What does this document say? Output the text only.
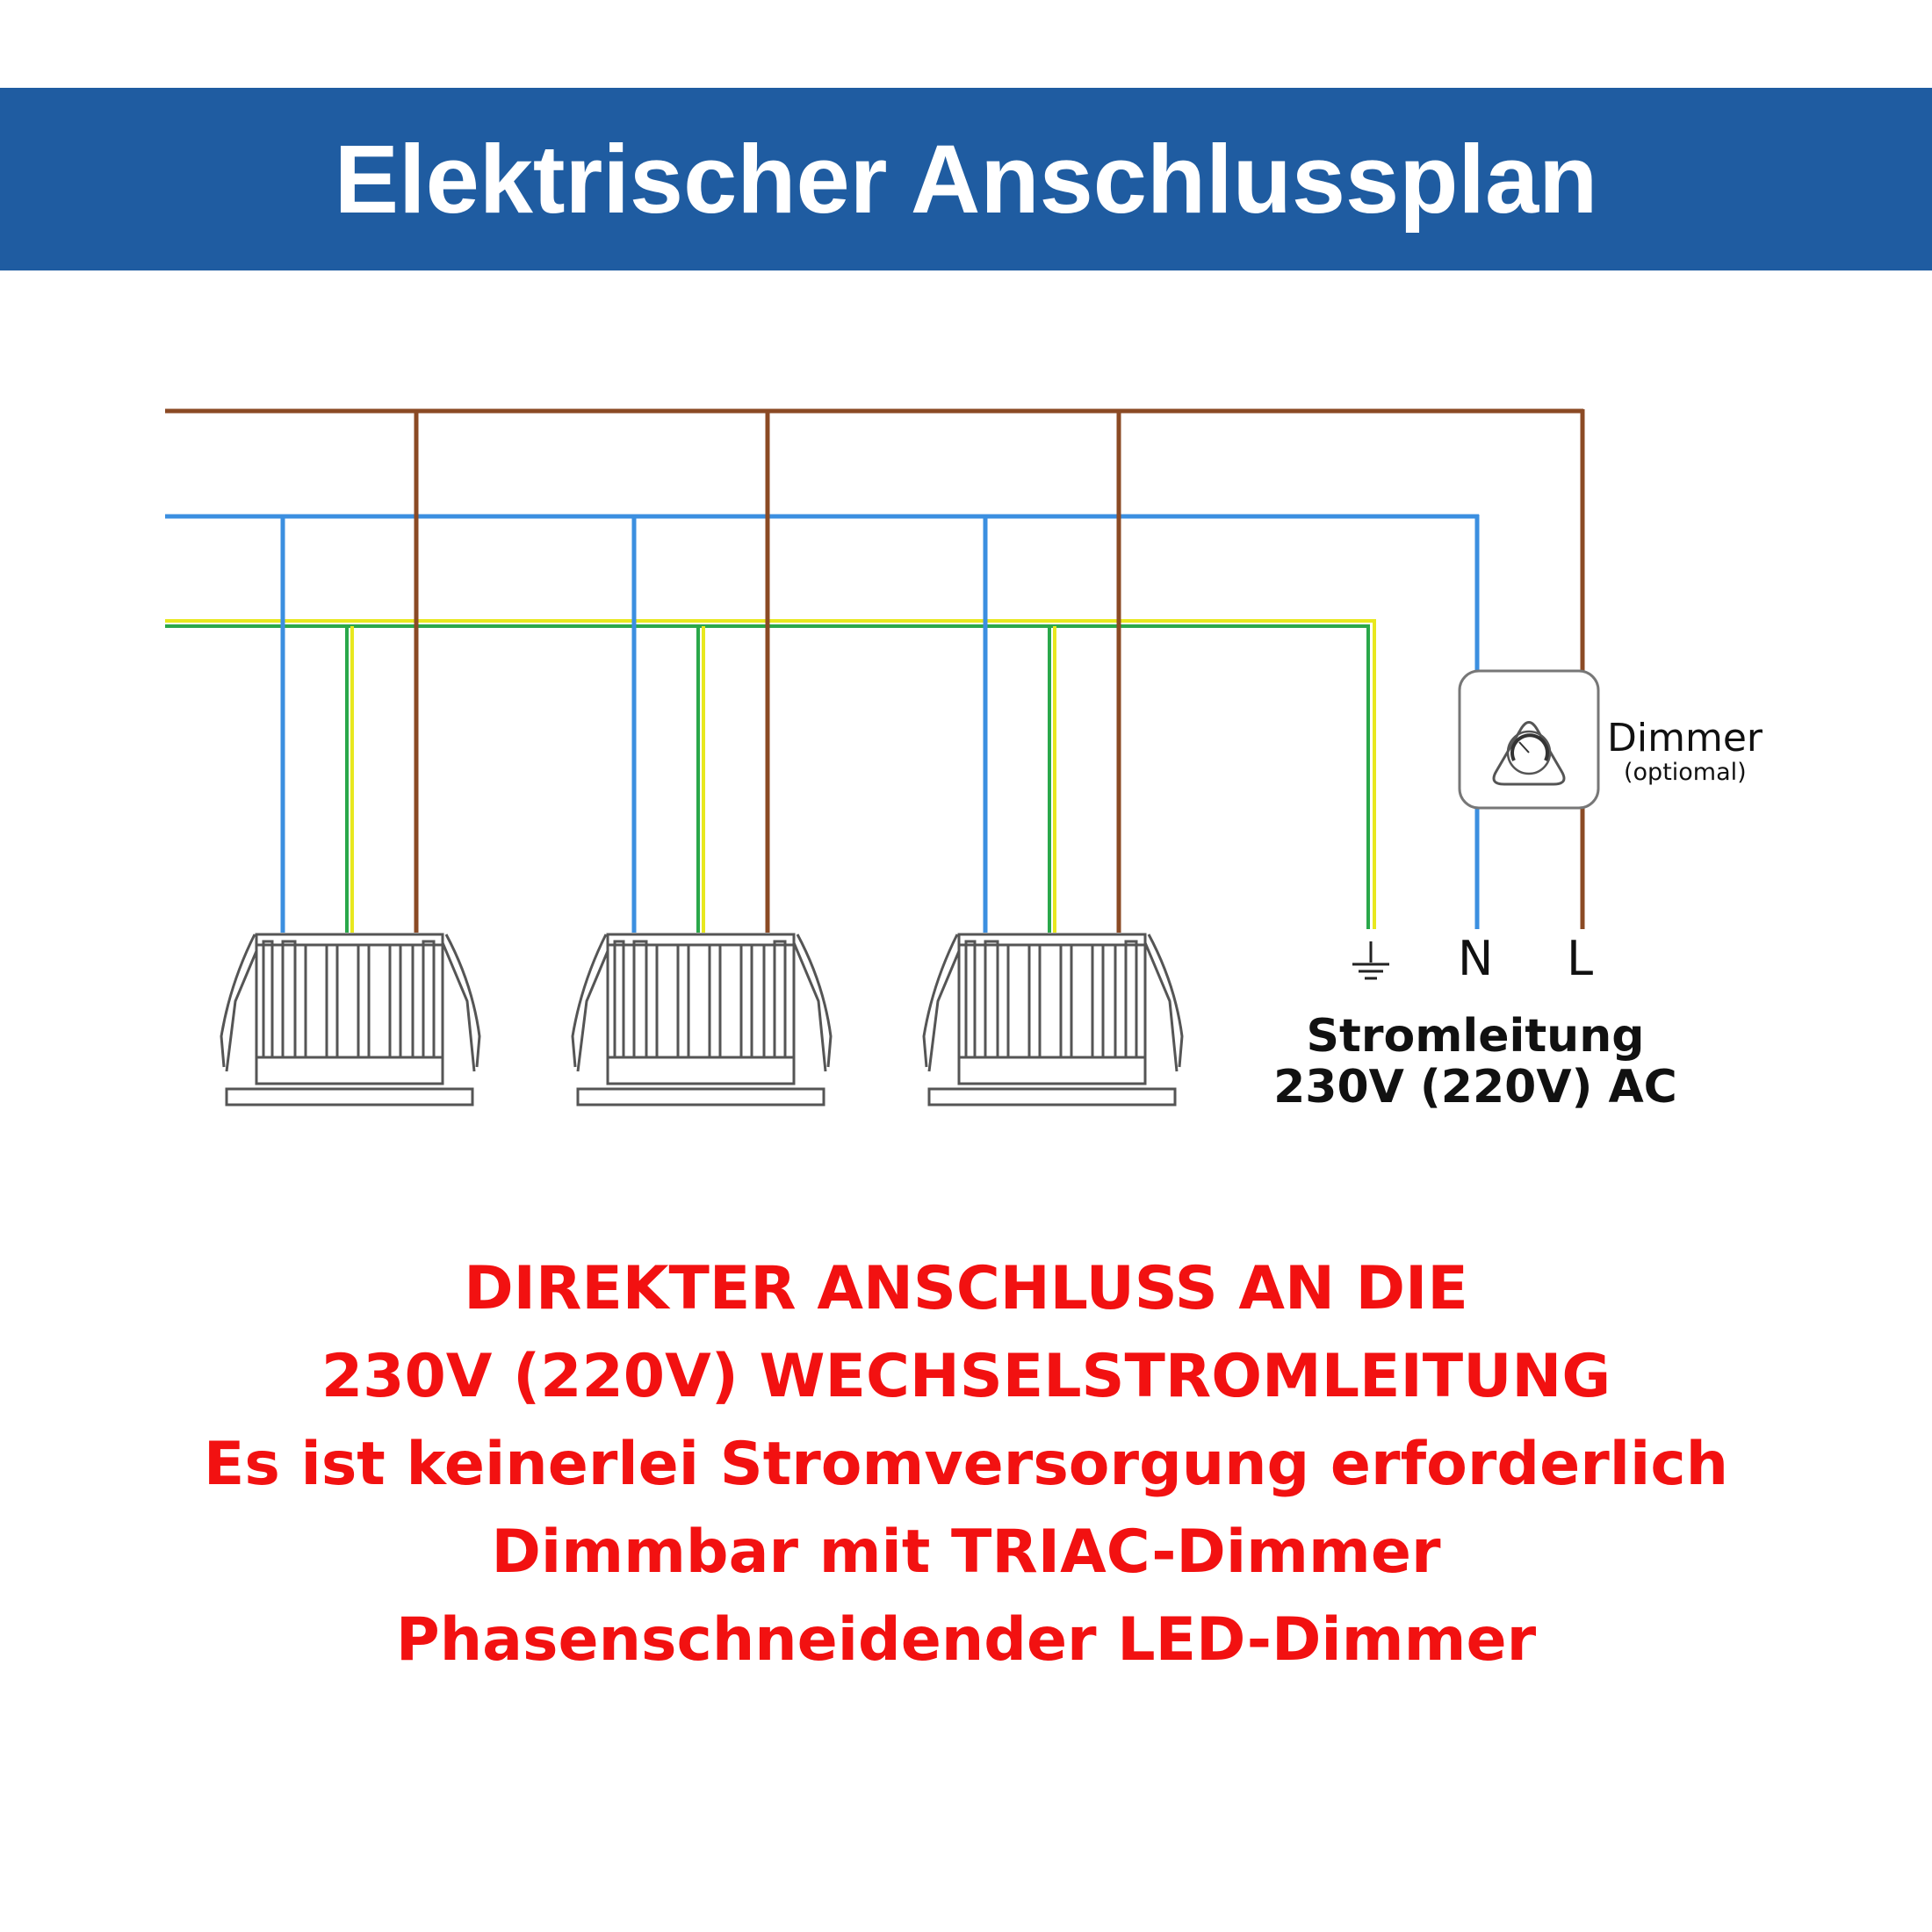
Elektrischer Anschlussplan
Dimmer
(optiomal)
N L
Stromleitung
230V (220V) AC
DIREKTER ANSCHLUSS AN DIE
230V (220V) WECHSELSTROMLEITUNG
Es ist keinerlei Stromversorgung erforderlich
Dimmbar mit TRIAC-Dimmer
Phasenschneidender LED-Dimmer
